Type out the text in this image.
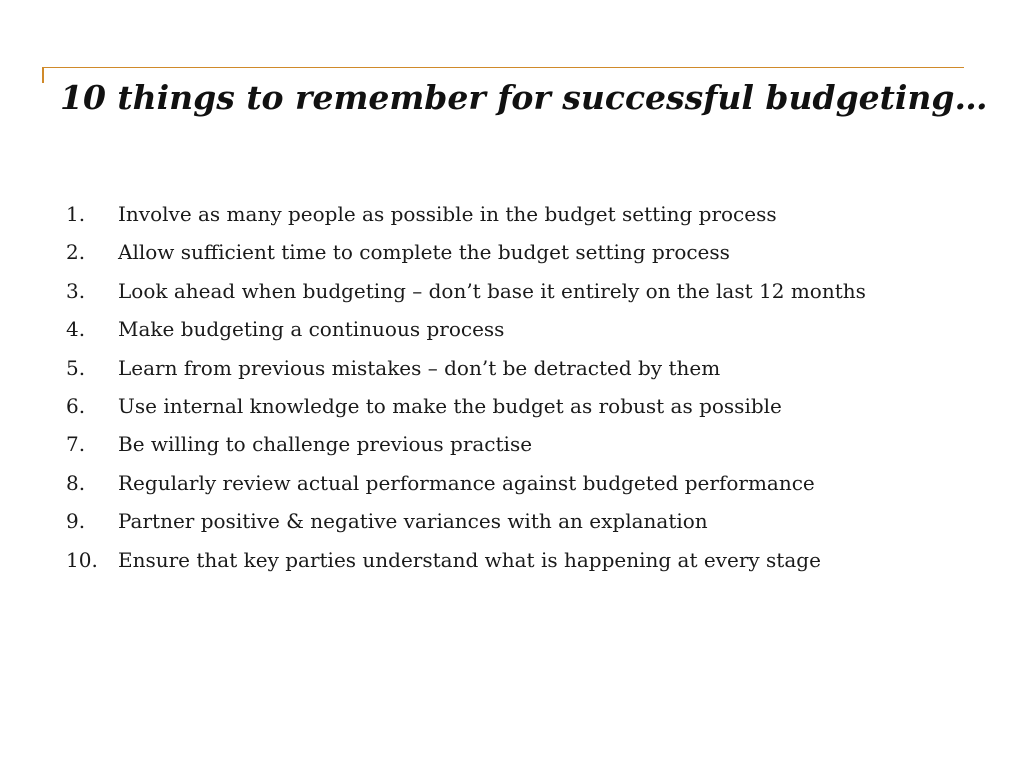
10 things to remember for successful budgeting…
1.	Involve as many people as possible in the budget setting process
2.	Allow sufficient time to complete the budget setting process
3.	Look ahead when budgeting – don’t base it entirely on the last 12 months
4.	Make budgeting a continuous process
5.	Learn from previous mistakes – don’t be detracted by them
6.	Use internal knowledge to make the budget as robust as possible
7.	Be willing to challenge previous practise
8.	Regularly review actual performance against budgeted performance
9.	Partner positive & negative variances with an explanation
10.	Ensure that key parties understand what is happening at every stage
